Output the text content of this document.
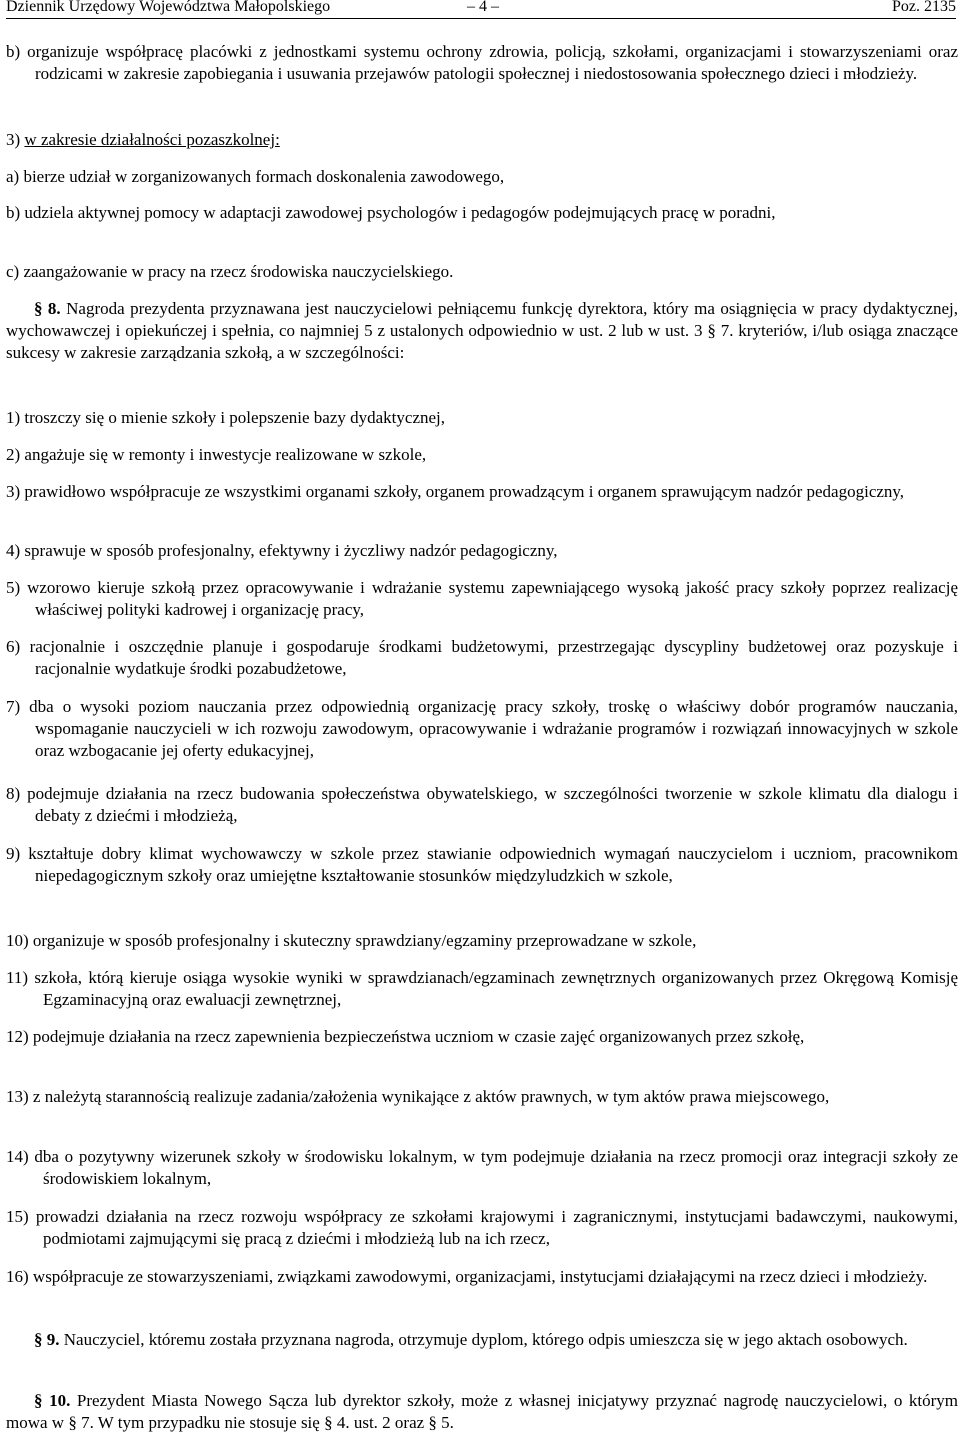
Dziennik Urzędowy Województwa Małopolskiego	– 4 –	Poz. 2135
b) organizuje współpracę placówki z jednostkami systemu ochrony zdrowia, policją, szkołami, organizacjami i stowarzyszeniami oraz rodzicami w zakresie zapobiegania i usuwania przejawów patologii społecznej i niedostosowania społecznego dzieci i młodzieży.
3) w zakresie działalności pozaszkolnej:
a) bierze udział w zorganizowanych formach doskonalenia zawodowego,
b) udziela aktywnej pomocy w adaptacji zawodowej psychologów i pedagogów podejmujących pracę w poradni,
c) zaangażowanie w pracy na rzecz środowiska nauczycielskiego.
§ 8. Nagroda prezydenta przyznawana jest nauczycielowi pełniącemu funkcję dyrektora, który ma osiągnięcia w pracy dydaktycznej, wychowawczej i opiekuńczej i spełnia, co najmniej 5 z ustalonych odpowiednio w ust. 2 lub w ust. 3 § 7. kryteriów, i/lub osiąga znaczące sukcesy w zakresie zarządzania szkołą, a w szczególności:
1) troszczy się o mienie szkoły i polepszenie bazy dydaktycznej,
2) angażuje się w remonty i inwestycje realizowane w szkole,
3) prawidłowo współpracuje ze wszystkimi organami szkoły, organem prowadzącym i organem sprawującym nadzór pedagogiczny,
4) sprawuje w sposób profesjonalny, efektywny i życzliwy nadzór pedagogiczny,
5) wzorowo kieruje szkołą przez opracowywanie i wdrażanie systemu zapewniającego wysoką jakość pracy szkoły poprzez realizację właściwej polityki kadrowej i organizację pracy,
6) racjonalnie i oszczędnie planuje i gospodaruje środkami budżetowymi, przestrzegając dyscypliny budżetowej oraz pozyskuje i racjonalnie wydatkuje środki pozabudżetowe,
7) dba o wysoki poziom nauczania przez odpowiednią organizację pracy szkoły, troskę o właściwy dobór programów nauczania, wspomaganie nauczycieli w ich rozwoju zawodowym, opracowywanie i wdrażanie programów i rozwiązań innowacyjnych w szkole oraz wzbogacanie jej oferty edukacyjnej,
8) podejmuje działania na rzecz budowania społeczeństwa obywatelskiego, w szczególności tworzenie w szkole klimatu dla dialogu i debaty z dziećmi i młodzieżą,
9) kształtuje dobry klimat wychowawczy w szkole przez stawianie odpowiednich wymagań nauczycielom i uczniom, pracownikom niepedagogicznym szkoły oraz umiejętne kształtowanie stosunków międzyludzkich w szkole,
10) organizuje w sposób profesjonalny i skuteczny sprawdziany/egzaminy przeprowadzane w szkole,
11) szkoła, którą kieruje osiąga wysokie wyniki w sprawdzianach/egzaminach zewnętrznych organizowanych przez Okręgową Komisję Egzaminacyjną oraz ewaluacji zewnętrznej,
12) podejmuje działania na rzecz zapewnienia bezpieczeństwa uczniom w czasie zajęć organizowanych przez szkołę,
13) z należytą starannością realizuje zadania/założenia wynikające z aktów prawnych, w tym aktów prawa miejscowego,
14) dba o pozytywny wizerunek szkoły w środowisku lokalnym, w tym podejmuje działania na rzecz promocji oraz integracji szkoły ze środowiskiem lokalnym,
15) prowadzi działania na rzecz rozwoju współpracy ze szkołami krajowymi i zagranicznymi, instytucjami badawczymi, naukowymi, podmiotami zajmującymi się pracą z dziećmi i młodzieżą lub na ich rzecz,
16) współpracuje ze stowarzyszeniami, związkami zawodowymi, organizacjami, instytucjami działającymi na rzecz dzieci i młodzieży.
§ 9. Nauczyciel, któremu została przyznana nagroda, otrzymuje dyplom, którego odpis umieszcza się w jego aktach osobowych.
§ 10. Prezydent Miasta Nowego Sącza lub dyrektor szkoły, może z własnej inicjatywy przyznać nagrodę nauczycielowi, o którym mowa w § 7. W tym przypadku nie stosuje się § 4. ust. 2 oraz § 5.
